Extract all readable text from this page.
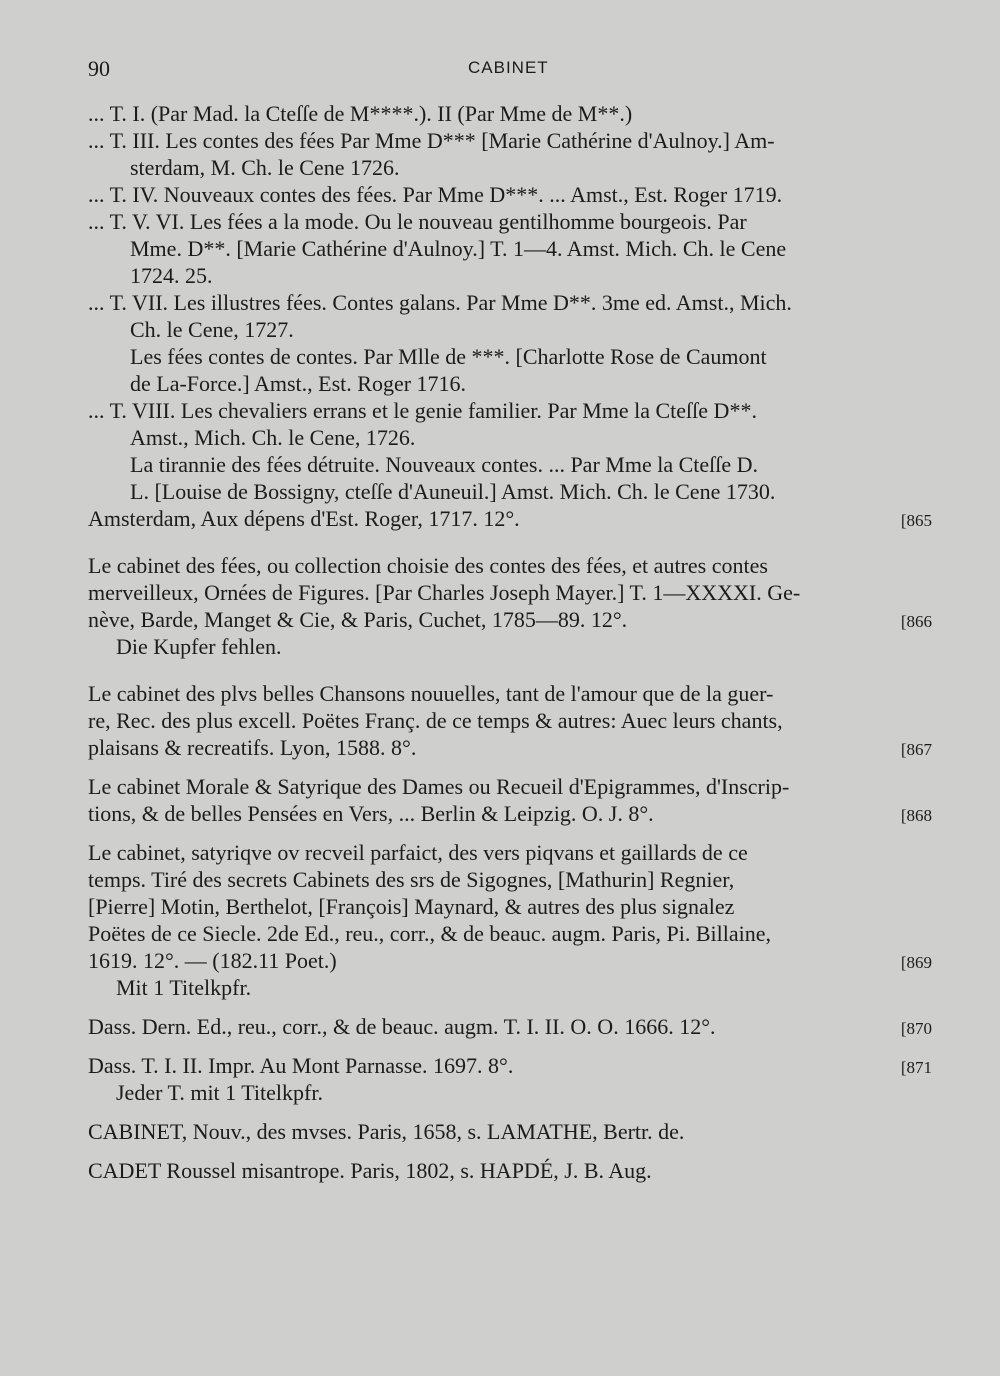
90	CABINET
... T. I. (Par Mad. la Cteſſe de M****.). II (Par Mme de M**.)
... T. III. Les contes des fées Par Mme D*** [Marie Cathérine d'Aulnoy.] Am-
sterdam, M. Ch. le Cene 1726.
... T. IV. Nouveaux contes des fées. Par Mme D***. ... Amst., Est. Roger 1719.
... T. V. VI. Les fées a la mode. Ou le nouveau gentilhomme bourgeois. Par
Mme. D**. [Marie Cathérine d'Aulnoy.] T. 1—4. Amst. Mich. Ch. le Cene
1724. 25.
... T. VII. Les illustres fées. Contes galans. Par Mme D**. 3me ed. Amst., Mich.
Ch. le Cene, 1727.
Les fées contes de contes. Par Mlle de ***. [Charlotte Rose de Caumont
de La-Force.] Amst., Est. Roger 1716.
... T. VIII. Les chevaliers errans et le genie familier. Par Mme la Cteſſe D**.
Amst., Mich. Ch. le Cene, 1726.
La tirannie des fées détruite. Nouveaux contes. ... Par Mme la Cteſſe D.
L. [Louise de Bossigny, cteſſe d'Auneuil.] Amst. Mich. Ch. le Cene 1730.
Amsterdam, Aux dépens d'Est. Roger, 1717. 12°.	[865
Le cabinet des fées, ou collection choisie des contes des fées, et autres contes
merveilleux, Ornées de Figures. [Par Charles Joseph Mayer.] T. 1—XXXXI. Ge-
nève, Barde, Manget & Cie, & Paris, Cuchet, 1785—89. 12°.	[866
Die Kupfer fehlen.
Le cabinet des plvs belles Chansons nouuelles, tant de l'amour que de la guer-
re, Rec. des plus excell. Poëtes Franç. de ce temps & autres: Auec leurs chants,
plaisans & recreatifs. Lyon, 1588. 8°.	[867
Le cabinet Morale & Satyrique des Dames ou Recueil d'Epigrammes, d'Inscrip-
tions, & de belles Pensées en Vers, ... Berlin & Leipzig. O. J. 8°.	[868
Le cabinet, satyriqve ov recveil parfaict, des vers piqvans et gaillards de ce
temps. Tiré des secrets Cabinets des srs de Sigognes, [Mathurin] Regnier,
[Pierre] Motin, Berthelot, [François] Maynard, & autres des plus signalez
Poëtes de ce Siecle. 2de Ed., reu., corr., & de beauc. augm. Paris, Pi. Billaine,
1619. 12°. — (182.11 Poet.)	[869
Mit 1 Titelkpfr.
Dass. Dern. Ed., reu., corr., & de beauc. augm. T. I. II. O. O. 1666. 12°.	[870
Dass. T. I. II. Impr. Au Mont Parnasse. 1697. 8°.	[871
Jeder T. mit 1 Titelkpfr.
CABINET, Nouv., des mvses. Paris, 1658, s. LAMATHE, Bertr. de.
CADET Roussel misantrope. Paris, 1802, s. HAPDÉ, J. B. Aug.
